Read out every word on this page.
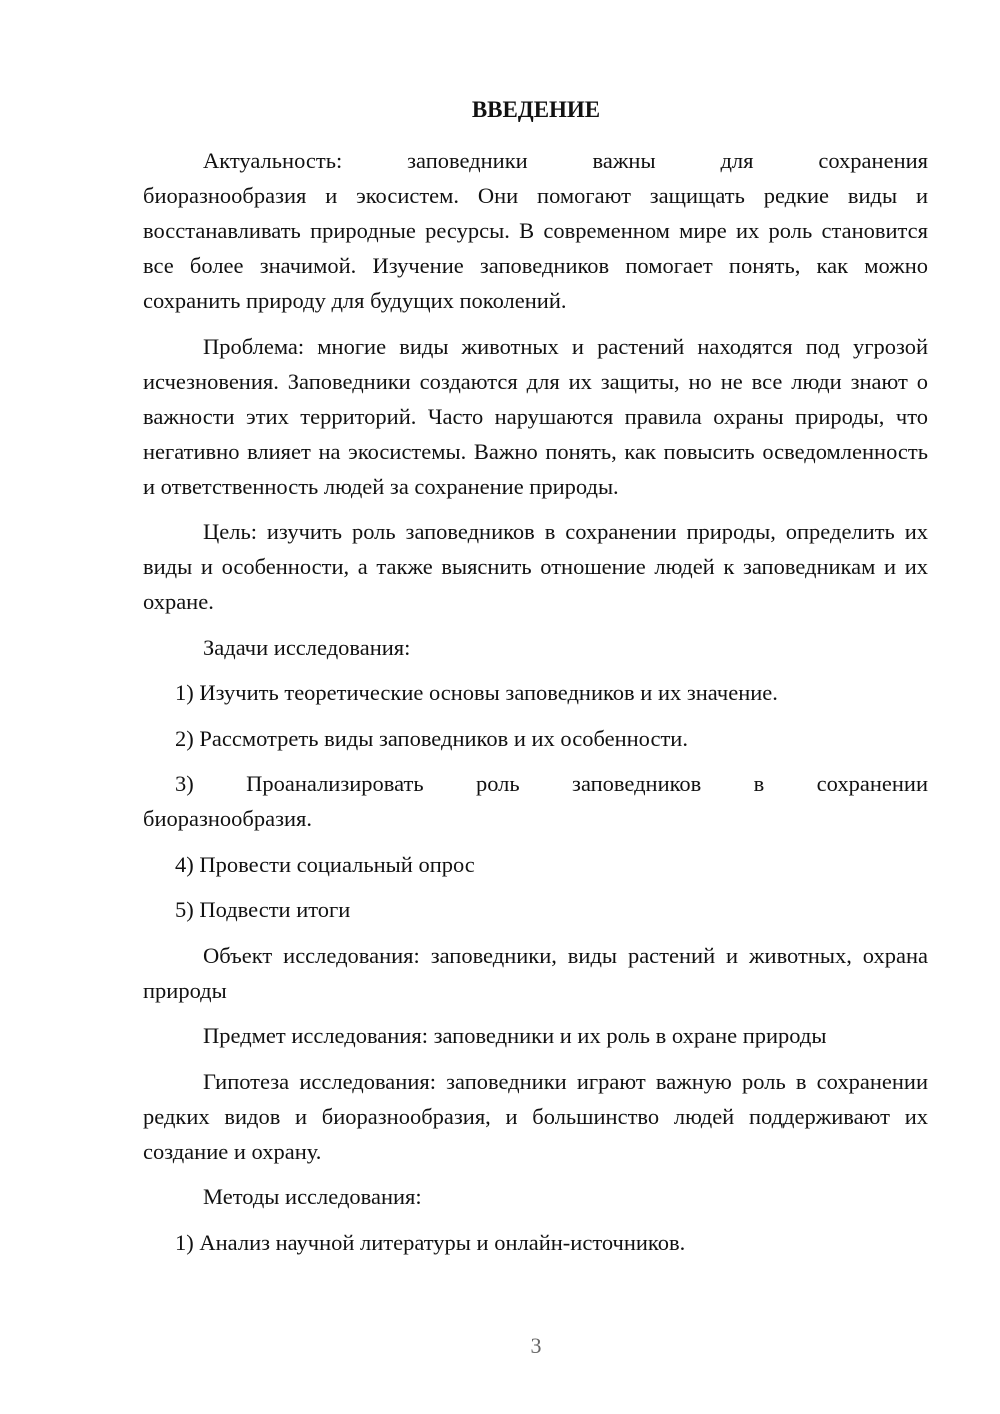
ВВЕДЕНИЕ
Актуальность: заповедники важны для сохранения
биоразнообразия и экосистем. Они помогают защищать редкие виды и восстанавливать природные ресурсы. В современном мире их роль становится все более значимой. Изучение заповедников помогает понять, как можно сохранить природу для будущих поколений.

Проблема: многие виды животных и растений находятся под угрозой исчезновения. Заповедники создаются для их защиты, но не все люди знают о важности этих территорий. Часто нарушаются правила охраны природы, что негативно влияет на экосистемы. Важно понять, как повысить осведомленность и ответственность людей за сохранение природы.

Цель: изучить роль заповедников в сохранении природы, определить их виды и особенности, а также выяснить отношение людей к заповедникам и их охране.

Задачи исследования:

1) Изучить теоретические основы заповедников и их значение.

2) Рассмотреть виды заповедников и их особенности.

3) Проанализировать роль заповедников в сохранении
биоразнообразия.

4) Провести социальный опрос

5) Подвести итоги

Объект исследования: заповедники, виды растений и животных, охрана природы

Предмет исследования: заповедники и их роль в охране природы

Гипотеза исследования: заповедники играют важную роль в сохранении редких видов и биоразнообразия, и большинство людей поддерживают их создание и охрану.

Методы исследования:

1) Анализ научной литературы и онлайн-источников.

3
